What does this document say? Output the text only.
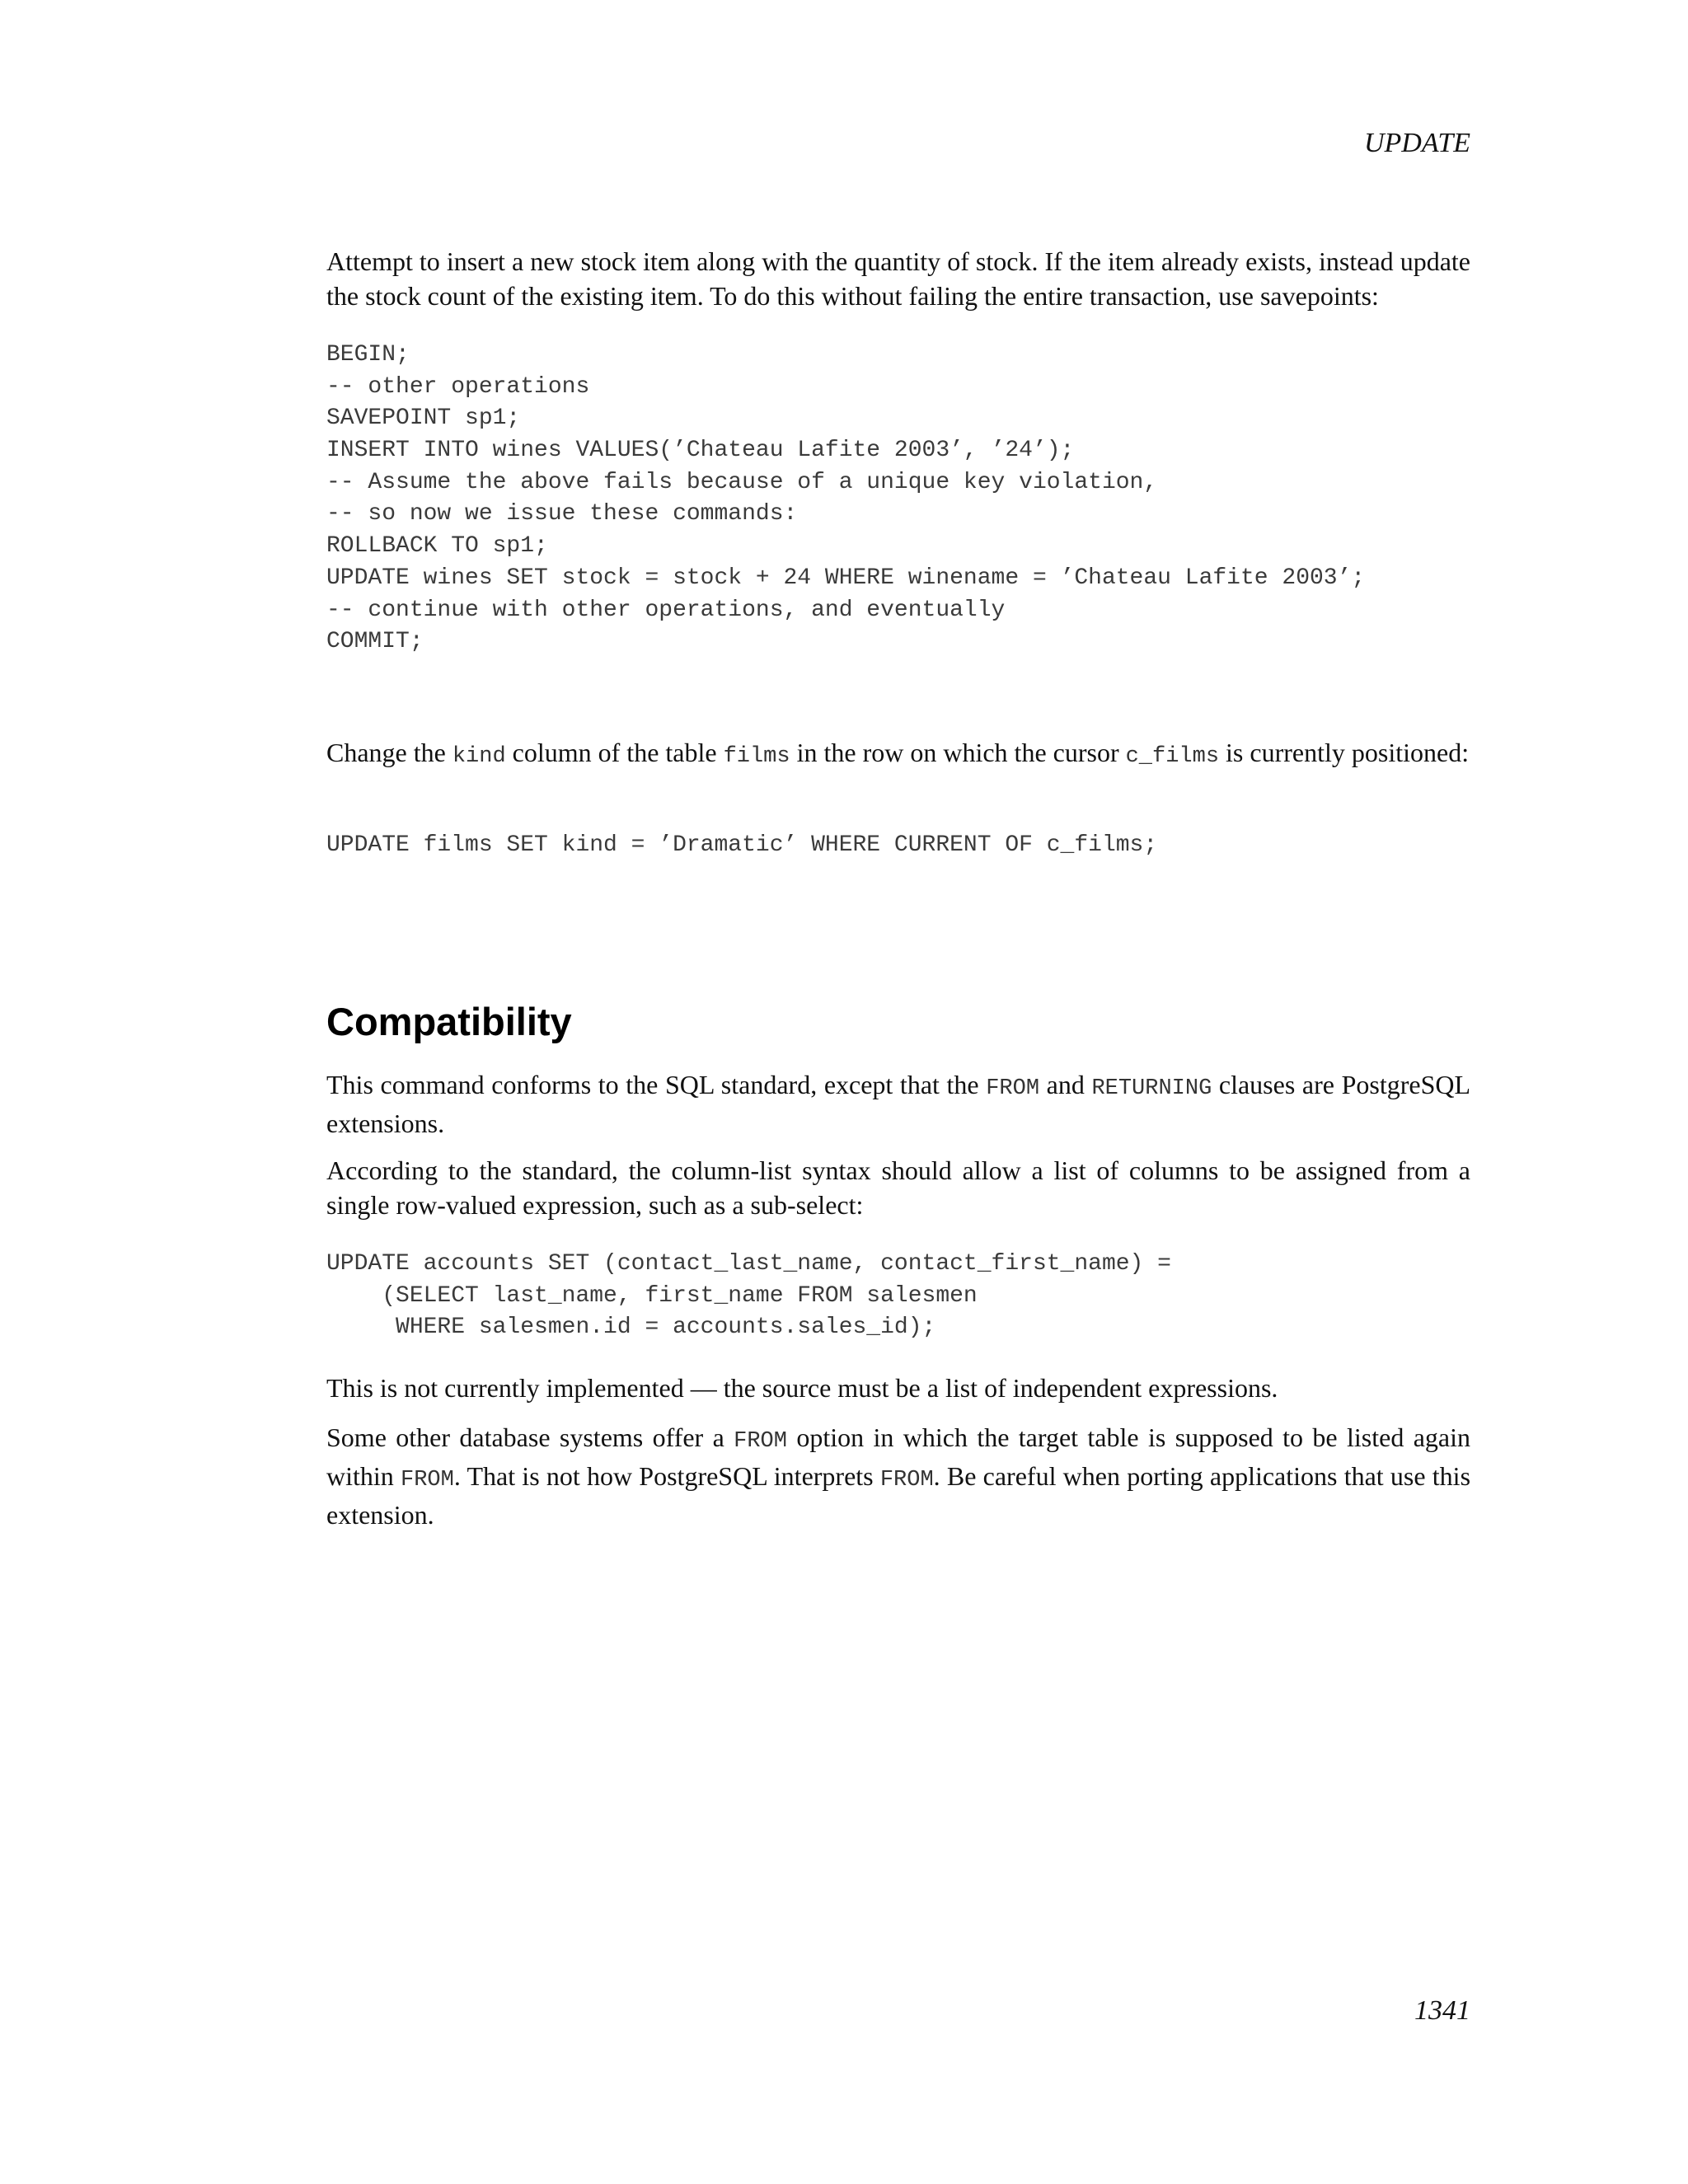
UPDATE

Attempt to insert a new stock item along with the quantity of stock. If the item already exists, instead update the stock count of the existing item. To do this without failing the entire transaction, use savepoints:

BEGIN;
-- other operations
SAVEPOINT sp1;
INSERT INTO wines VALUES(’Chateau Lafite 2003’, ’24’);
-- Assume the above fails because of a unique key violation,
-- so now we issue these commands:
ROLLBACK TO sp1;
UPDATE wines SET stock = stock + 24 WHERE winename = ’Chateau Lafite 2003’;
-- continue with other operations, and eventually
COMMIT;

Change the kind column of the table films in the row on which the cursor c_films is currently positioned:

UPDATE films SET kind = ’Dramatic’ WHERE CURRENT OF c_films;
Compatibility

This command conforms to the SQL standard, except that the FROM and RETURNING clauses are PostgreSQL extensions.

According to the standard, the column-list syntax should allow a list of columns to be assigned from a single row-valued expression, such as a sub-select:

UPDATE accounts SET (contact_last_name, contact_first_name) =
(SELECT last_name, first_name FROM salesmen
WHERE salesmen.id = accounts.sales_id);

This is not currently implemented — the source must be a list of independent expressions.

Some other database systems offer a FROM option in which the target table is supposed to be listed again within FROM. That is not how PostgreSQL interprets FROM. Be careful when porting applications that use this extension.

1341
